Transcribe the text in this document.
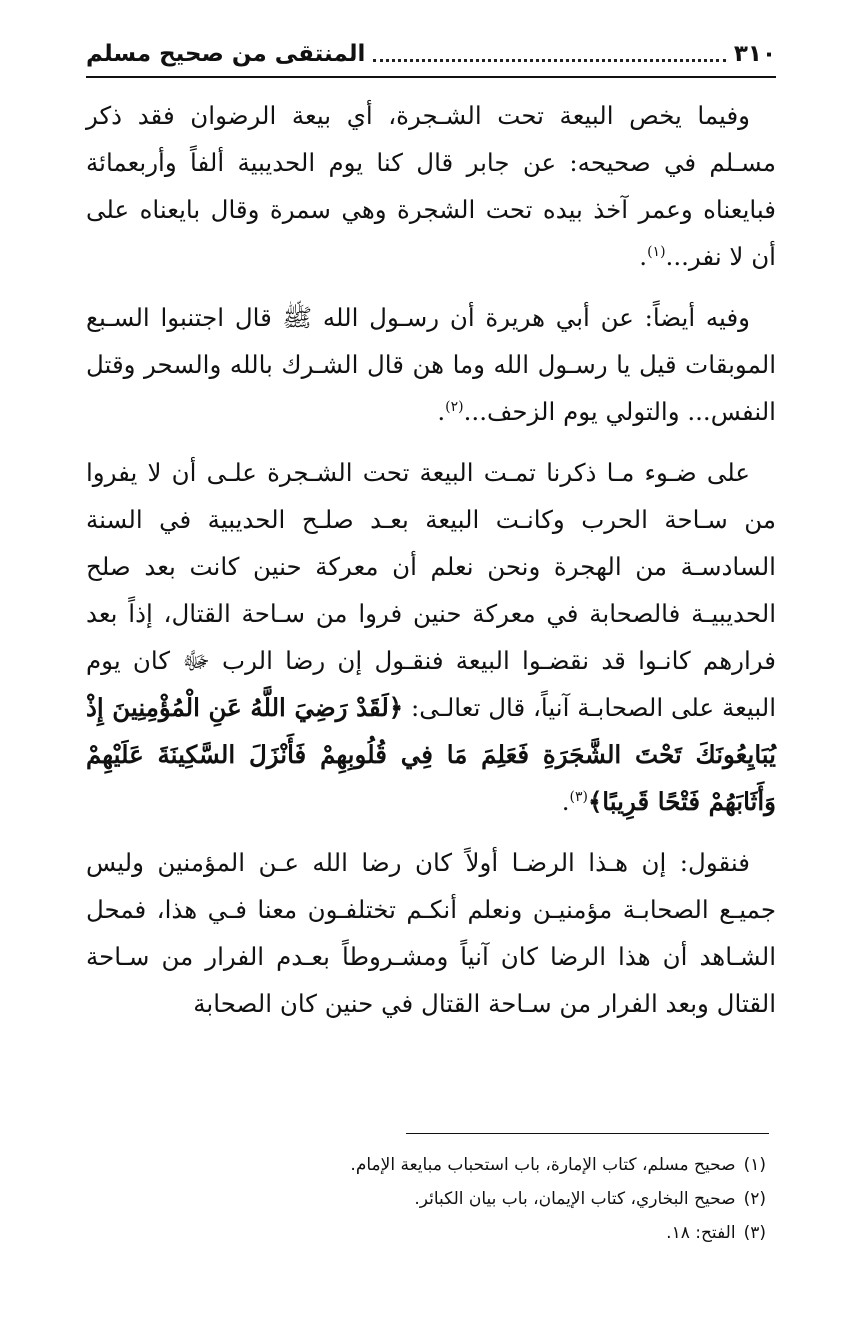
٣١٠
المنتقى من صحيح مسلم

وفيما يخص البيعة تحت الشـجرة، أي بيعة الرضوان فقد ذكر مسـلم في صحيحه: عن جابر قال كنا يوم الحديبية ألفاً وأربعمائة فبايعناه وعمر آخذ بيده تحت الشجرة وهي سمرة وقال بايعناه على أن لا نفر...$^{(١)}$.

وفيه أيضاً: عن أبي هريرة أن رسـول الله ﷺ قال اجتنبوا السـبع الموبقات قيل يا رسـول الله وما هن قال الشـرك بالله والسحر وقتل النفس... والتولي يوم الزحف...$^{(٢)}$.

على ضـوء مـا ذكرنا تمـت البيعة تحت الشـجرة علـى أن لا يفروا من سـاحة الحرب وكانـت البيعة بعـد صلـح الحديبية في السنة السادسـة من الهجرة ونحن نعلم أن معركة حنين كانت بعد صلح الحديبيـة فالصحابة في معركة حنين فروا من سـاحة القتال، إذاً بعد فرارهم كانـوا قد نقضـوا البيعة فنقـول إن رضا الرب ﷻ كان يوم البيعة على الصحابـة آنياً، قال تعالـى: ﴿لَقَدْ رَضِيَ اللَّهُ عَنِ الْمُؤْمِنِينَ إِذْ يُبَايِعُونَكَ تَحْتَ الشَّجَرَةِ فَعَلِمَ مَا فِي قُلُوبِهِمْ فَأَنْزَلَ السَّكِينَةَ عَلَيْهِمْ وَأَثَابَهُمْ فَتْحًا قَرِيبًا﴾$^{(٣)}$.

فنقول: إن هـذا الرضـا أولاً كان رضا الله عـن المؤمنين وليس جميـع الصحابـة مؤمنيـن ونعلم أنكـم تختلفـون معنا فـي هذا، فمحل الشـاهد أن هذا الرضا كان آنياً ومشـروطاً بعـدم الفرار من سـاحة القتال وبعد الفرار من سـاحة القتال في حنين كان الصحابة

(١)صحيح مسلم، كتاب الإمارة، باب استحباب مبايعة الإمام.
(٢)صحيح البخاري، كتاب الإيمان، باب بيان الكبائر.
(٣)الفتح: ١٨.
